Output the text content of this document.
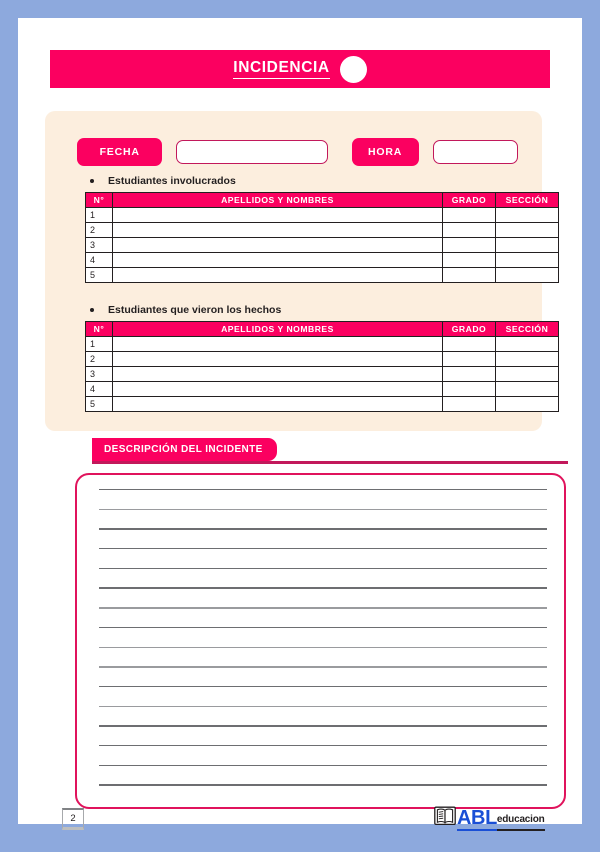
INCIDENCIA
FECHA	HORA
Estudiantes involucrados
N°	APELLIDOS Y NOMBRES	GRADO	SECCIÓN
1			
2			
3			
4			
5			
Estudiantes que vieron los hechos
N°	APELLIDOS Y NOMBRES	GRADO	SECCIÓN
1			
2			
3			
4			
5			
DESCRIPCIÓN DEL INCIDENTE
2	ABL educacion
